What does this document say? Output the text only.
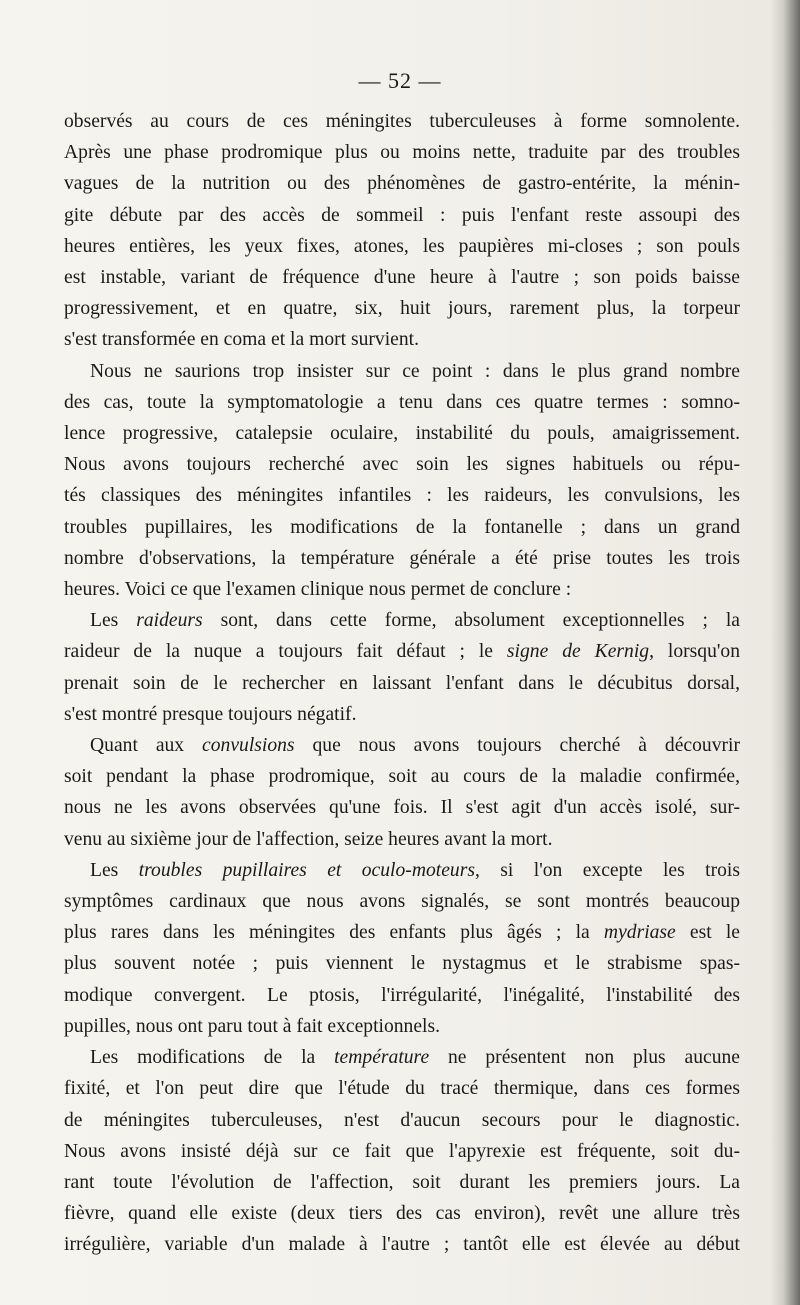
— 52 —
observés au cours de ces méningites tuberculeuses à forme somnolente.
Après une phase prodromique plus ou moins nette, traduite par des troubles
vagues de la nutrition ou des phénomènes de gastro-entérite, la ménin-
gite débute par des accès de sommeil : puis l'enfant reste assoupi des
heures entières, les yeux fixes, atones, les paupières mi-closes ; son pouls
est instable, variant de fréquence d'une heure à l'autre ; son poids baisse
progressivement, et en quatre, six, huit jours, rarement plus, la torpeur
s'est transformée en coma et la mort survient.
Nous ne saurions trop insister sur ce point : dans le plus grand nombre
des cas, toute la symptomatologie a tenu dans ces quatre termes : somno-
lence progressive, catalepsie oculaire, instabilité du pouls, amaigrissement.
Nous avons toujours recherché avec soin les signes habituels ou répu-
tés classiques des méningites infantiles : les raideurs, les convulsions, les
troubles pupillaires, les modifications de la fontanelle ; dans un grand
nombre d'observations, la température générale a été prise toutes les trois
heures. Voici ce que l'examen clinique nous permet de conclure :
Les raideurs sont, dans cette forme, absolument exceptionnelles ; la
raideur de la nuque a toujours fait défaut ; le signe de Kernig, lorsqu'on
prenait soin de le rechercher en laissant l'enfant dans le décubitus dorsal,
s'est montré presque toujours négatif.
Quant aux convulsions que nous avons toujours cherché à découvrir
soit pendant la phase prodromique, soit au cours de la maladie confirmée,
nous ne les avons observées qu'une fois. Il s'est agit d'un accès isolé, sur-
venu au sixième jour de l'affection, seize heures avant la mort.
Les troubles pupillaires et oculo-moteurs, si l'on excepte les trois
symptômes cardinaux que nous avons signalés, se sont montrés beaucoup
plus rares dans les méningites des enfants plus âgés ; la mydriase est le
plus souvent notée ; puis viennent le nystagmus et le strabisme spas-
modique convergent. Le ptosis, l'irrégularité, l'inégalité, l'instabilité des
pupilles, nous ont paru tout à fait exceptionnels.
Les modifications de la température ne présentent non plus aucune
fixité, et l'on peut dire que l'étude du tracé thermique, dans ces formes
de méningites tuberculeuses, n'est d'aucun secours pour le diagnostic.
Nous avons insisté déjà sur ce fait que l'apyrexie est fréquente, soit du-
rant toute l'évolution de l'affection, soit durant les premiers jours. La
fièvre, quand elle existe (deux tiers des cas environ), revêt une allure très
irrégulière, variable d'un malade à l'autre ; tantôt elle est élevée au début
